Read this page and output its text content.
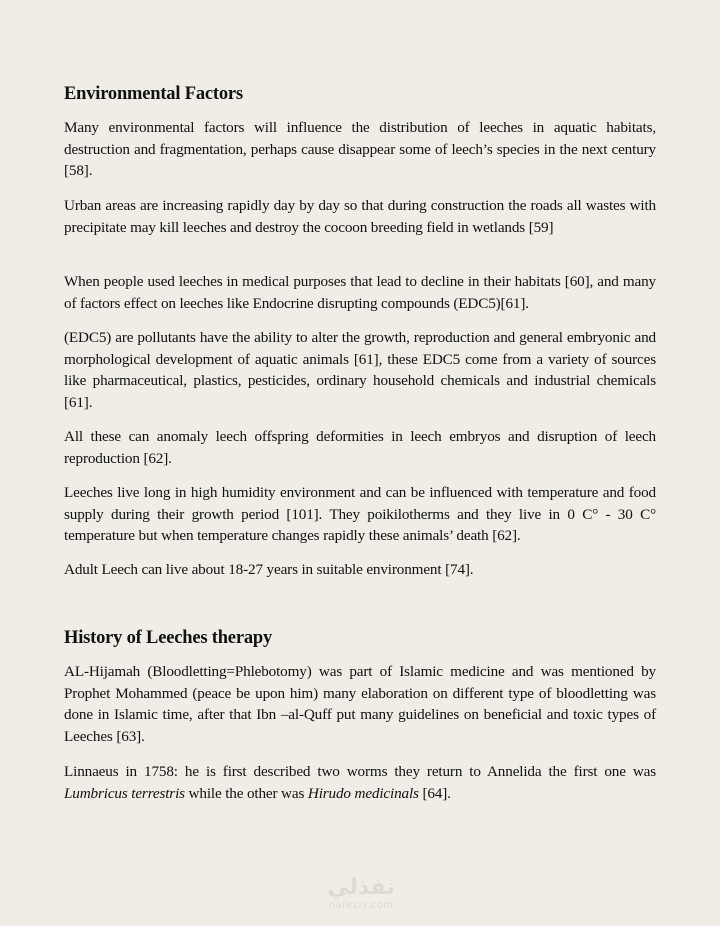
Environmental Factors

Many environmental factors will influence the distribution of leeches in aquatic habitats, destruction and fragmentation, perhaps cause disappear some of leech’s species in the next century [58].

Urban areas are increasing rapidly day by day so that during construction the roads all wastes with precipitate may kill leeches and destroy the cocoon breeding field in wetlands [59]

When people used leeches in medical purposes that lead to decline in their habitats [60], and many of factors effect on leeches like Endocrine disrupting compounds (EDC5)[61].

(EDC5) are pollutants have the ability to alter the growth, reproduction and general embryonic and morphological development of aquatic animals [61], these EDC5 come from a variety of sources like pharmaceutical, plastics, pesticides, ordinary household chemicals and industrial chemicals [61].

All these can anomaly leech offspring deformities in leech embryos and disruption of leech reproduction [62].

Leeches live long in high humidity environment and can be influenced with temperature and food supply during their growth period [101]. They poikilotherms and they live in 0 C° - 30 C° temperature but when temperature changes rapidly these animals’ death [62].

Adult Leech can live about 18-27 years in suitable environment [74].

History of Leeches therapy

AL-Hijamah (Bloodletting=Phlebotomy) was part of Islamic medicine and was mentioned by Prophet Mohammed (peace be upon him) many elaboration on different type of bloodletting was done in Islamic time, after that Ibn –al-Quff put many guidelines on beneficial and toxic types of Leeches [63].

Linnaeus in 1758: he is first described two worms they return to Annelida the first one was Lumbricus terrestris while the other was Hirudo medicinals [64].

نفذلي
nafezly.com
